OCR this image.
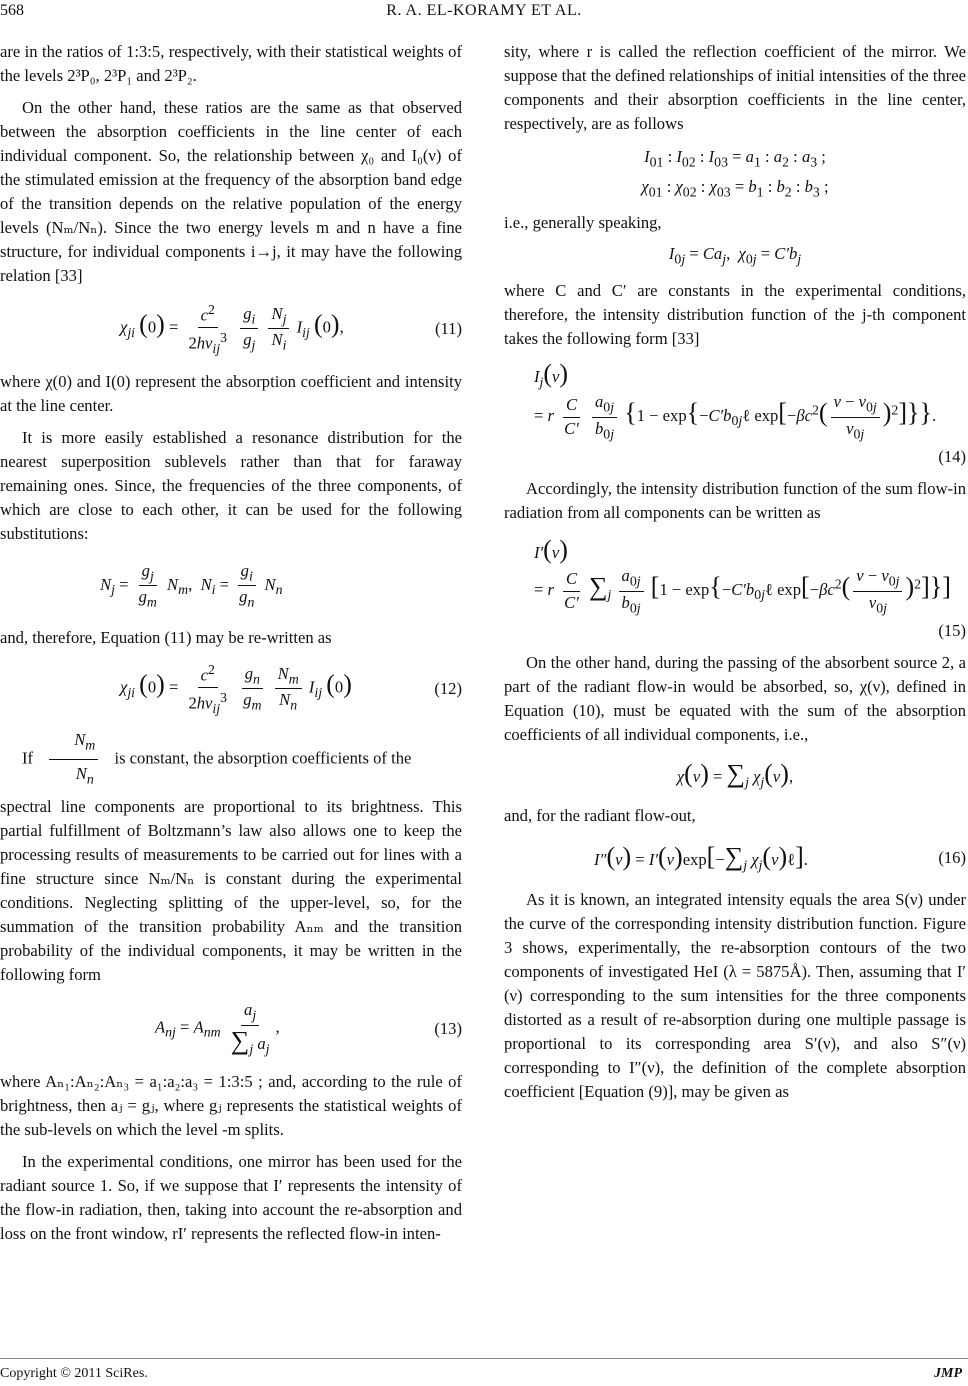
568	R. A. EL-KORAMY ET AL.

are in the ratios of 1:3:5, respectively, with their statistical weights of the levels 2³P₀, 2³P₁ and 2³P₂.

On the other hand, these ratios are the same as that observed between the absorption coefficients in the line center of each individual component. So, the relationship between χ₀ and I₀(ν) of the stimulated emission at the frequency of the absorption band edge of the transition depends on the relative population of the energy levels (Nₘ/Nₙ). Since the two energy levels m and n have a fine structure, for individual components i→j, it may have the following relation [33]

$\chi_{ji}$ $(0) = \frac{c^2}{2h\nu_{ij}^3}$
$\frac{g_i}{g_j}$
$\frac{N_j}{N_i} I_{ij}$ (0),	(11)

where χ(0) and I(0) represent the absorption coefficient and intensity at the line center.

It is more easily established a resonance distribution for the nearest superposition sublevels rather than that for faraway remaining ones. Since, the frequencies of the three components, of which are close to each other, it can be used for the following substitutions:

$N_j = \frac{g_j}{g_m} N_m$,  $N_i = \frac{g_i}{g_n} N_n$

and, therefore, Equation (11) may be re-written as

$\chi_{ji}$ $(0) = \frac{c^2}{2h\nu_{ij}^3}$
$\frac{g_n}{g_m}$
$\frac{N_m}{N_n} I_{ij}$ (0)	(12)

If $\frac{N_m}{N_n}$ is constant, the absorption coefficients of the

spectral line components are proportional to its brightness. This partial fulfillment of Boltzmann’s law also allows one to keep the processing results of measurements to be carried out for lines with a fine structure since Nₘ/Nₙ is constant during the experimental conditions. Neglecting splitting of the upper-level, so, for the summation of the transition probability Aₙₘ and the transition probability of the individual components, it may be written in the following form

$A_{nj} = A_{nm} \frac{a_j}{\sum_j a_j}$ ,	(13)

where Aₙ₁:Aₙ₂:Aₙ₃ = a₁:a₂:a₃ = 1:3:5 ; and, according to the rule of brightness, then aⱼ = gⱼ, where gⱼ represents the statistical weights of the sub-levels on which the level -m splits.

In the experimental conditions, one mirror has been used for the radiant source 1. So, if we suppose that I′ represents the intensity of the flow-in radiation, then, taking into account the re-absorption and loss on the front window, rI′ represents the reflected flow-in inten-

sity, where r is called the reflection coefficient of the mirror. We suppose that the defined relationships of initial intensities of the three components and their absorption coefficients in the line center, respectively, are as follows

$I_{01}$ : $I_{02}$ : $I_{03} = a_1$ : $a_2$ : $a_3$ ;
$\chi_{01}$ : $\chi_{02}$ : $\chi_{03} = b_1$ : $b_2$ : $b_3$ ;

i.e., generally speaking,

$I_{0j} = Ca_j$,  $\chi_{0j} = C'b_j$

where C and C′ are constants in the experimental conditions, therefore, the intensity distribution function of the j-th component takes the following form [33]

$I_j(\nu)$
= r $\frac{C}{C'}$
$\frac{a_{0j}}{b_{0j}} \{1$ − $\exp\{-C'b_{0j}\ell$ $\exp[-\beta c^2( \frac{\nu - \nu_{0j}}{\nu_{0j}} )^2]$}}.
(14)

Accordingly, the intensity distribution function of the sum flow-in radiation from all components can be written as

I′(ν)
= r $\frac{C}{C'} \sum_j \frac{a_{0j}}{b_{0j}} [1$ − $\exp\{-C'b_{0j}\ell$ $\exp[-\beta c^2( \frac{\nu - \nu_{0j}}{\nu_{0j}} )^2]$}]
(15)

On the other hand, during the passing of the absorbent source 2, a part of the radiant flow-in would be absorbed, so, χ(ν), defined in Equation (10), must be equated with the sum of the absorption coefficients of all individual components, i.e.,

$\chi(\nu) = \sum_j$ $\chi_j(\nu)$,

and, for the radiant flow-out,

$I''(\nu) = I'(\nu)\exp[-\sum_j$ $\chi_j(\nu)\ell$].	(16)

As it is known, an integrated intensity equals the area S(ν) under the curve of the corresponding intensity distribution function. Figure 3 shows, experimentally, the re-absorption contours of the two components of investigated HeI (λ = 5875Å). Then, assuming that I′(ν) corresponding to the sum intensities for the three components distorted as a result of re-absorption during one multiple passage is proportional to its corresponding area S′(ν), and also S″(ν) corresponding to I″(ν), the definition of the complete absorption coefficient [Equation (9)], may be given as

Copyright © 2011 SciRes.	JMP
